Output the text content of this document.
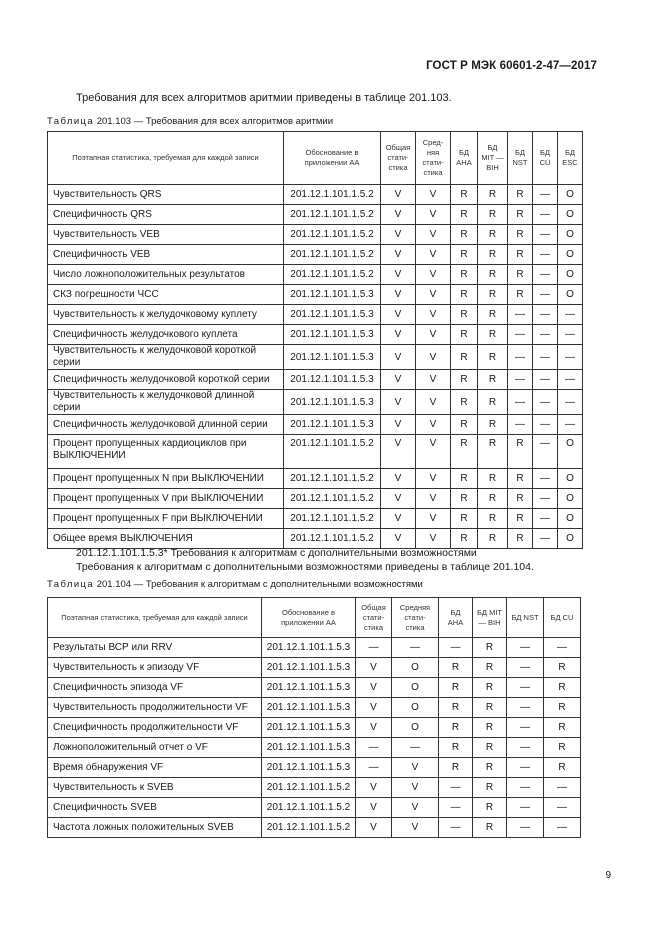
ГОСТ Р МЭК 60601-2-47—2017
Требования для всех алгоритмов аритмии приведены в таблице 201.103.
Таблица 201.103 — Требования для всех алгоритмов аритмии
Поэтапная статистика, требуемая для каждой записи	Обоснование в приложении АА	Общая стати-стика	Сред-няя стати-стика	БД AHA	БД MIT — BIH	БД NST	БД CU	БД ESC
Чувствительность QRS	201.12.1.101.1.5.2	V	V	R	R	R	—	O
Специфичность QRS	201.12.1.101.1.5.2	V	V	R	R	R	—	O
Чувствительность VEB	201.12.1.101.1.5.2	V	V	R	R	R	—	O
Специфичность VEB	201.12.1.101.1.5.2	V	V	R	R	R	—	O
Число ложноположительных результатов	201.12.1.101.1.5.2	V	V	R	R	R	—	O
СКЗ погрешности ЧСС	201.12.1.101.1.5.3	V	V	R	R	R	—	O
Чувствительность к желудочковому куплету	201.12.1.101.1.5.3	V	V	R	R	—	—	—
Специфичность желудочкового куплета	201.12.1.101.1.5.3	V	V	R	R	—	—	—
Чувствительность к желудочковой короткой серии	201.12.1.101.1.5.3	V	V	R	R	—	—	—
Специфичность желудочковой короткой серии	201.12.1.101.1.5.3	V	V	R	R	—	—	—
Чувствительность к желудочковой длинной серии	201.12.1.101.1.5.3	V	V	R	R	—	—	—
Специфичность желудочковой длинной серии	201.12.1.101.1.5.3	V	V	R	R	—	—	—
Процент пропущенных кардиоциклов при ВЫКЛЮЧЕНИИ	201.12.1.101.1.5.2	V	V	R	R	R	—	O
Процент пропущенных N при ВЫКЛЮЧЕНИИ	201.12.1.101.1.5.2	V	V	R	R	R	—	O
Процент пропущенных V при ВЫКЛЮЧЕНИИ	201.12.1.101.1.5.2	V	V	R	R	R	—	O
Процент пропущенных F при ВЫКЛЮЧЕНИИ	201.12.1.101.1.5.2	V	V	R	R	R	—	O
Общее время ВЫКЛЮЧЕНИЯ	201.12.1.101.1.5.2	V	V	R	R	R	—	O
201.12.1.101.1.5.3* Требования к алгоритмам с дополнительными возможностями
Требования к алгоритмам с дополнительными возможностями приведены в таблице 201.104.
Таблица 201.104 — Требования к алгоритмам с дополнительными возможностями
Поэтапная статистика, требуемая для каждой записи	Обоснование в приложении АА	Общая стати-стика	Средняя стати-стика	БД AHA	БД MIT — BIH	БД NST	БД CU
Результаты ВСР или RRV	201.12.1.101.1.5.3	—	—	—	R	—	—
Чувствительность к эпизоду VF	201.12.1.101.1.5.3	V	O	R	R	—	R
Специфичность эпизода VF	201.12.1.101.1.5.3	V	O	R	R	—	R
Чувствительность продолжительности VF	201.12.1.101.1.5.3	V	O	R	R	—	R
Специфичность продолжительности VF	201.12.1.101.1.5.3	V	O	R	R	—	R
Ложноположительный отчет о VF	201.12.1.101.1.5.3	—	—	R	R	—	R
Время обнаружения VF	201.12.1.101.1.5.3	—	V	R	R	—	R
Чувствительность к SVEB	201.12.1.101.1.5.2	V	V	—	R	—	—
Специфичность SVEB	201.12.1.101.1.5.2	V	V	—	R	—	—
Частота ложных положительных SVEB	201.12.1.101.1.5.2	V	V	—	R	—	—
9
